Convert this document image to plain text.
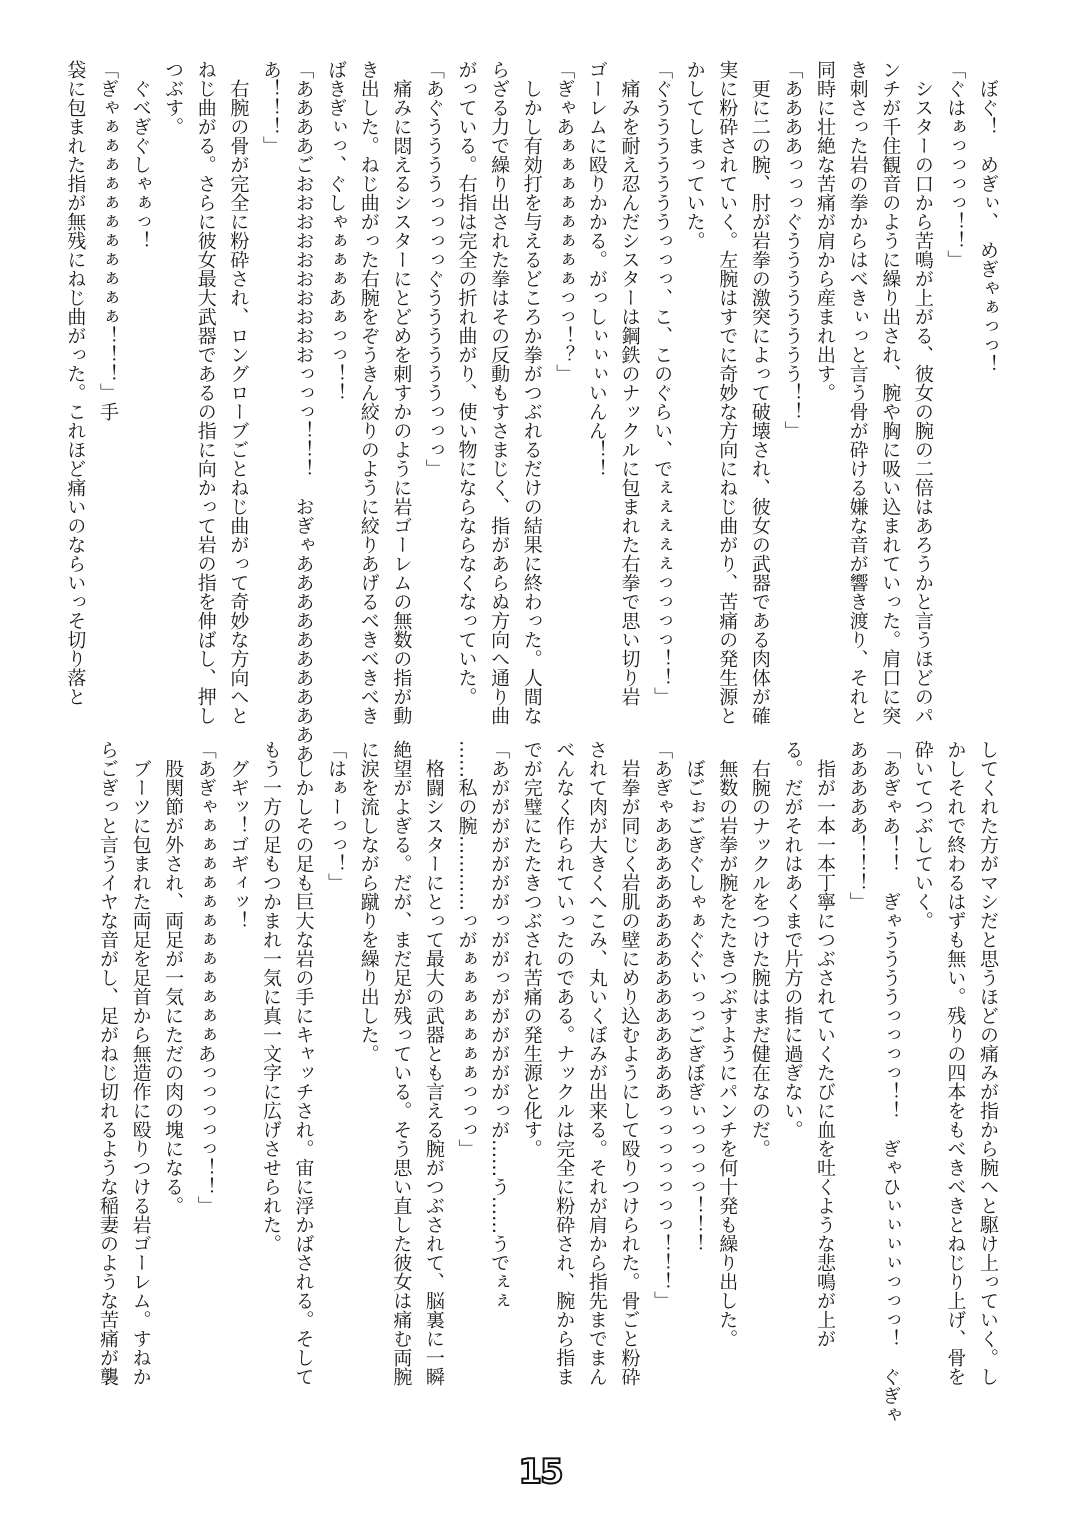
　ぼぐ！　めぎぃ、　めぎゃぁっっ！
「ぐはぁっっっっ！！」
　シスターの口から苦鳴が上がる、彼女の腕の二倍はあろうかと言うほどのパ
ンチが千住観音のように繰り出され、腕や胸に吸い込まれていった。肩口に突
き刺さった岩の拳からはべきぃっと言う骨が砕ける嫌な音が響き渡り、それと
同時に壮絶な苦痛が肩から産まれ出す。
「ああああっっっぐうううううううう！！」
　更に二の腕、肘が岩拳の激突によって破壊され、彼女の武器である肉体が確
実に粉砕されていく。左腕はすでに奇妙な方向にねじ曲がり、苦痛の発生源と
かしてしまっていた。
「ぐうううううううっっっ、こ、このぐらい、でぇぇぇぇぇっっっっ！！」
　痛みを耐え忍んだシスターは鋼鉄のナックルに包まれた右拳で思い切り岩
ゴーレムに殴りかかる。がっしぃぃぃいんん！！
「ぎゃあぁぁぁぁぁぁぁぁっっ！？」
　しかし有効打を与えるどころか拳がつぶれるだけの結果に終わった。人間な
らざる力で繰り出された拳はその反動もすさまじく、指があらぬ方向へ通り曲
がっている。右指は完全の折れ曲がり、使い物にならならなくなっていた。
「あぐううううっっっっぐううううううっっっ」
　痛みに悶えるシスターにとどめを刺すかのように岩ゴーレムの無数の指が動
き出した。ねじ曲がった右腕をぞうきん絞りのように絞りあげるべきべきべき
ばきぎぃっ、ぐしゃぁぁぁあぁっっ！！
「ああああごおおおおおおおおおおっっっ！！！　おぎゃあああああああああああ
あ！！！」
　右腕の骨が完全に粉砕され、ロングローブごとねじ曲がって奇妙な方向へと
ねじ曲がる。さらに彼女最大武器であるの指に向かって岩の指を伸ばし、押し
つぶす。
　ぐべぎぐしゃぁっ！
「ぎゃぁぁぁぁぁぁぁぁぁぁぁ！！！」手
袋に包まれた指が無残にねじ曲がった。これほど痛いのならいっそ切り落と
してくれた方がマシだと思うほどの痛みが指から腕へと駆け上っていく。し
かしそれで終わるはずも無い。残りの四本をもべきべきとねじり上げ、骨を
砕いてつぶしていく。
「あぎゃあ！！　ぎゃううううっっっっ！！　ぎゃひぃぃぃぃっっっ！　ぐぎゃ
あああああ！！！」
　指が一本一本丁寧につぶされていくたびに血を吐くような悲鳴が上が
る。だがそれはあくまで片方の指に過ぎない。
　右腕のナックルをつけた腕はまだ健在なのだ。
　無数の岩拳が腕をたたきつぶすようにパンチを何十発も繰り出した。
　ぼごぉごぎぐしゃぁぐぐぃっっごぎぼぎぃっっっっ！！！
「あぎゃあああああああああああああああっっっっっっっ！！！」
　岩拳が同じく岩肌の壁にめり込むようにして殴りつけられた。骨ごと粉砕
されて肉が大きくへこみ、丸いくぼみが出来る。それが肩から指先までまん
べんなく作られていったのである。ナックルは完全に粉砕され、腕から指ま
でが完璧にたたきつぶされ苦痛の発生源と化す。
「あがががががががっががっががががががっが……う……うでぇぇ
……私の腕…………っがぁぁぁぁぁぁぁっっっ」
　格闘シスターにとって最大の武器とも言える腕がつぶされて、脳裏に一瞬
絶望がよぎる。だが、まだ足が残っている。そう思い直した彼女は痛む両腕
に涙を流しながら蹴りを繰り出した。
「はぁーっっ！」
　しかしその足も巨大な岩の手にキャッチされ。宙に浮かばされる。そして
もう一方の足もつかまれ一気に真一文字に広げさせられた。
　グギッ！ゴギィッ！
「あぎゃぁぁぁぁぁぁぁぁぁぁぁぁあっっっっっ！！」
　股関節が外され、両足が一気にただの肉の塊になる。
　ブーツに包まれた両足を足首から無造作に殴りつける岩ゴーレム。すねか
らごぎっと言うイヤな音がし、足がねじ切れるような稲妻のような苦痛が襲
15
